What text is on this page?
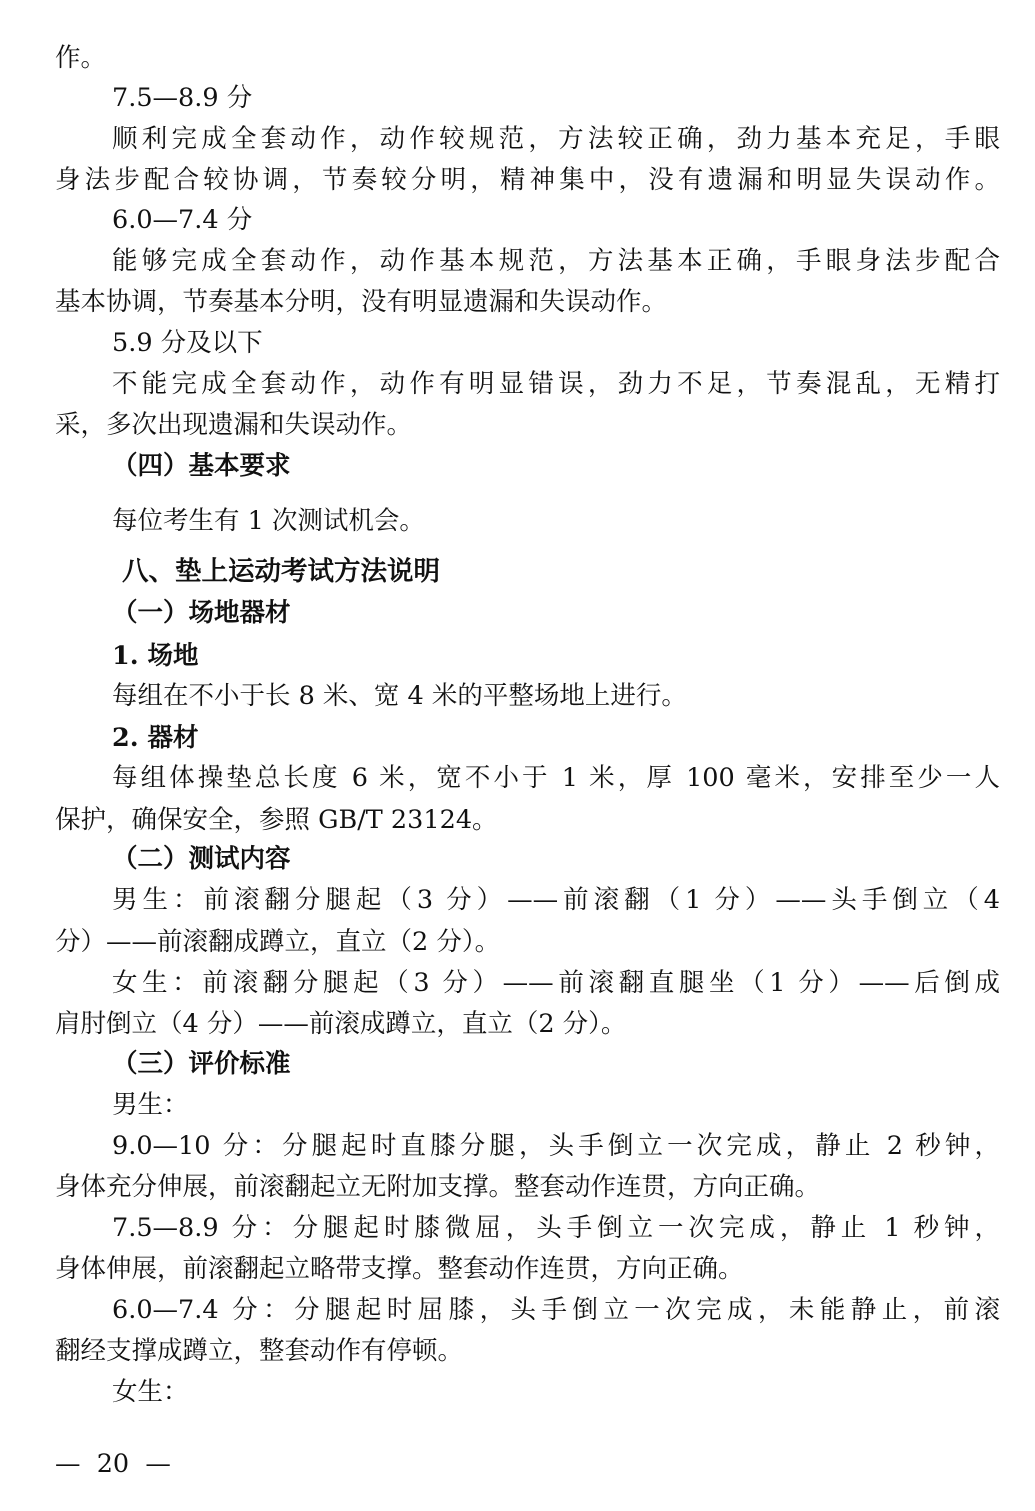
作。
7.5—8.9 分
顺利完成全套动作，动作较规范，方法较正确，劲力基本充足，手眼
身法步配合较协调，节奏较分明，精神集中，没有遗漏和明显失误动作。
6.0—7.4 分
能够完成全套动作，动作基本规范，方法基本正确，手眼身法步配合
基本协调，节奏基本分明，没有明显遗漏和失误动作。
5.9 分及以下
不能完成全套动作，动作有明显错误，劲力不足，节奏混乱，无精打
采，多次出现遗漏和失误动作。
（四）基本要求
每位考生有 1 次测试机会。
八、垫上运动考试方法说明
（一）场地器材
1. 场地
每组在不小于长 8 米、宽 4 米的平整场地上进行。
2. 器材
每组体操垫总长度 6 米，宽不小于 1 米，厚 100 毫米，安排至少一人
保护，确保安全，参照 GB/T 23124。
（二）测试内容
男生：前滚翻分腿起（3 分）——前滚翻（1 分）——头手倒立（4
分）——前滚翻成蹲立，直立（2 分）。
女生：前滚翻分腿起（3 分）——前滚翻直腿坐（1 分）——后倒成
肩肘倒立（4 分）——前滚成蹲立，直立（2 分）。
（三）评价标准
男生：
9.0—10 分：分腿起时直膝分腿，头手倒立一次完成，静止 2 秒钟，
身体充分伸展，前滚翻起立无附加支撑。整套动作连贯，方向正确。
7.5—8.9 分：分腿起时膝微屈，头手倒立一次完成，静止 1 秒钟，
身体伸展，前滚翻起立略带支撑。整套动作连贯，方向正确。
6.0—7.4 分：分腿起时屈膝，头手倒立一次完成，未能静止，前滚
翻经支撑成蹲立，整套动作有停顿。
女生：
—  20  —
